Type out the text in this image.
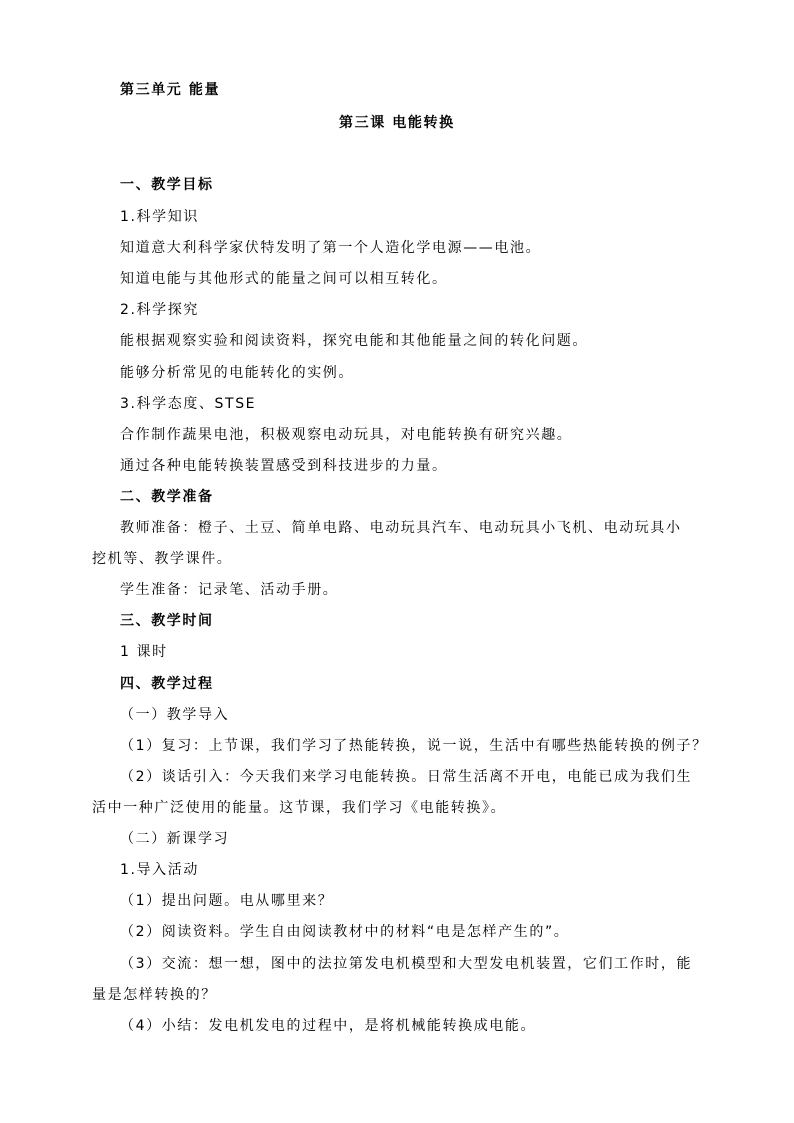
第三单元 能量
第三课 电能转换
一、教学目标
1.科学知识
知道意大利科学家伏特发明了第一个人造化学电源——电池。
知道电能与其他形式的能量之间可以相互转化。
2.科学探究
能根据观察实验和阅读资料，探究电能和其他能量之间的转化问题。
能够分析常见的电能转化的实例。
3.科学态度、STSE
合作制作蔬果电池，积极观察电动玩具，对电能转换有研究兴趣。
通过各种电能转换装置感受到科技进步的力量。
二、教学准备
教师准备：橙子、土豆、简单电路、电动玩具汽车、电动玩具小飞机、电动玩具小
挖机等、教学课件。
学生准备：记录笔、活动手册。
三、教学时间
1 课时
四、教学过程
（一）教学导入
（1）复习：上节课，我们学习了热能转换，说一说，生活中有哪些热能转换的例子？
（2）谈话引入：今天我们来学习电能转换。日常生活离不开电，电能已成为我们生
活中一种广泛使用的能量。这节课，我们学习《电能转换》。
（二）新课学习
1.导入活动
（1）提出问题。电从哪里来？
（2）阅读资料。学生自由阅读教材中的材料“电是怎样产生的”。
（3）交流：想一想，图中的法拉第发电机模型和大型发电机装置，它们工作时，能
量是怎样转换的？
（4）小结：发电机发电的过程中，是将机械能转换成电能。
